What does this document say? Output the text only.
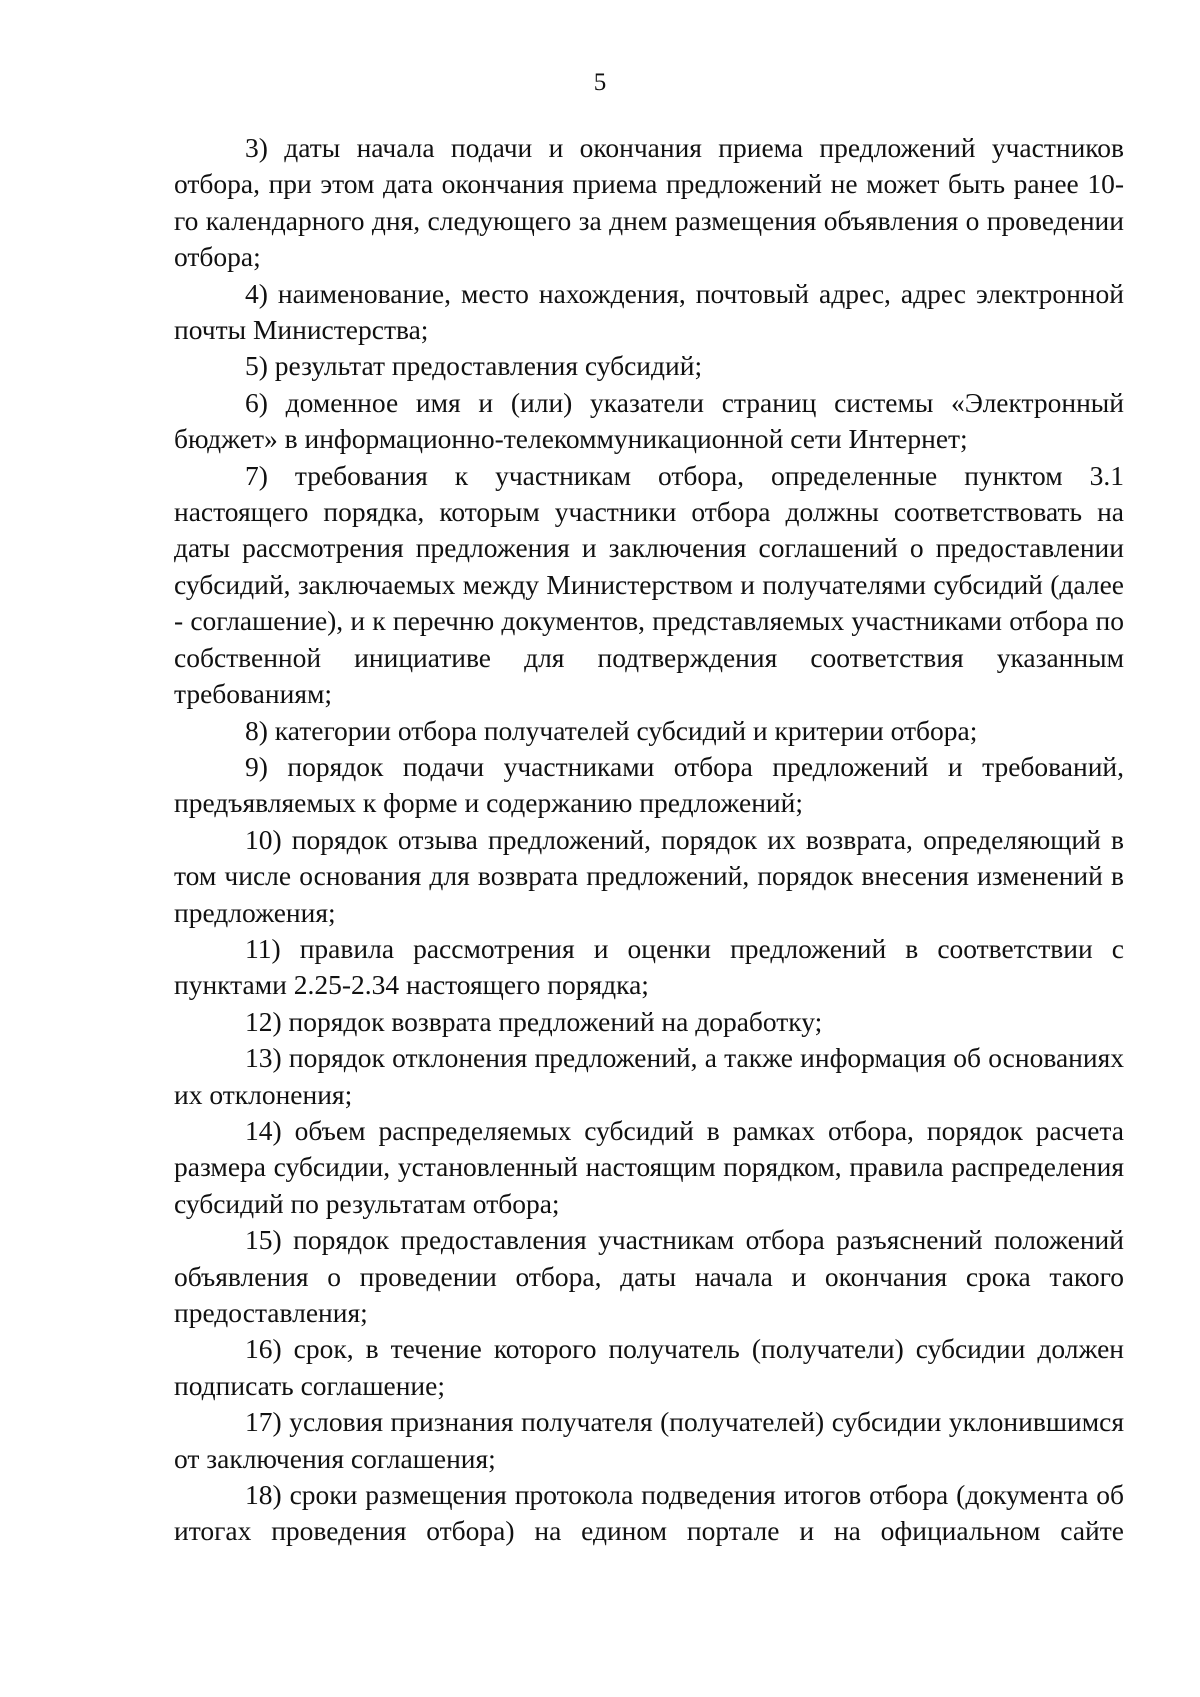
5

3) даты начала подачи и окончания приема предложений участников отбора, при этом дата окончания приема предложений не может быть ранее 10-го календарного дня, следующего за днем размещения объявления о проведении отбора;

4) наименование, место нахождения, почтовый адрес, адрес электронной почты Министерства;

5) результат предоставления субсидий;

6) доменное имя и (или) указатели страниц системы «Электронный бюджет» в информационно-телекоммуникационной сети Интернет;

7) требования к участникам отбора, определенные пунктом 3.1 настоящего порядка, которым участники отбора должны соответствовать на даты рассмотрения предложения и заключения соглашений о предоставлении субсидий, заключаемых между Министерством и получателями субсидий (далее - соглашение), и к перечню документов, представляемых участниками отбора по собственной инициативе для подтверждения соответствия указанным требованиям;

8) категории отбора получателей субсидий и критерии отбора;

9) порядок подачи участниками отбора предложений и требований, предъявляемых к форме и содержанию предложений;

10) порядок отзыва предложений, порядок их возврата, определяющий в том числе основания для возврата предложений, порядок внесения изменений в предложения;

11) правила рассмотрения и оценки предложений в соответствии с пунктами 2.25-2.34 настоящего порядка;

12) порядок возврата предложений на доработку;

13) порядок отклонения предложений, а также информация об основаниях их отклонения;

14) объем распределяемых субсидий в рамках отбора, порядок расчета размера субсидии, установленный настоящим порядком, правила распределения субсидий по результатам отбора;

15) порядок предоставления участникам отбора разъяснений положений объявления о проведении отбора, даты начала и окончания срока такого предоставления;

16) срок, в течение которого получатель (получатели) субсидии должен подписать соглашение;

17) условия признания получателя (получателей) субсидии уклонившимся от заключения соглашения;

18) сроки размещения протокола подведения итогов отбора (документа об итогах проведения отбора) на едином портале и на официальном сайте
